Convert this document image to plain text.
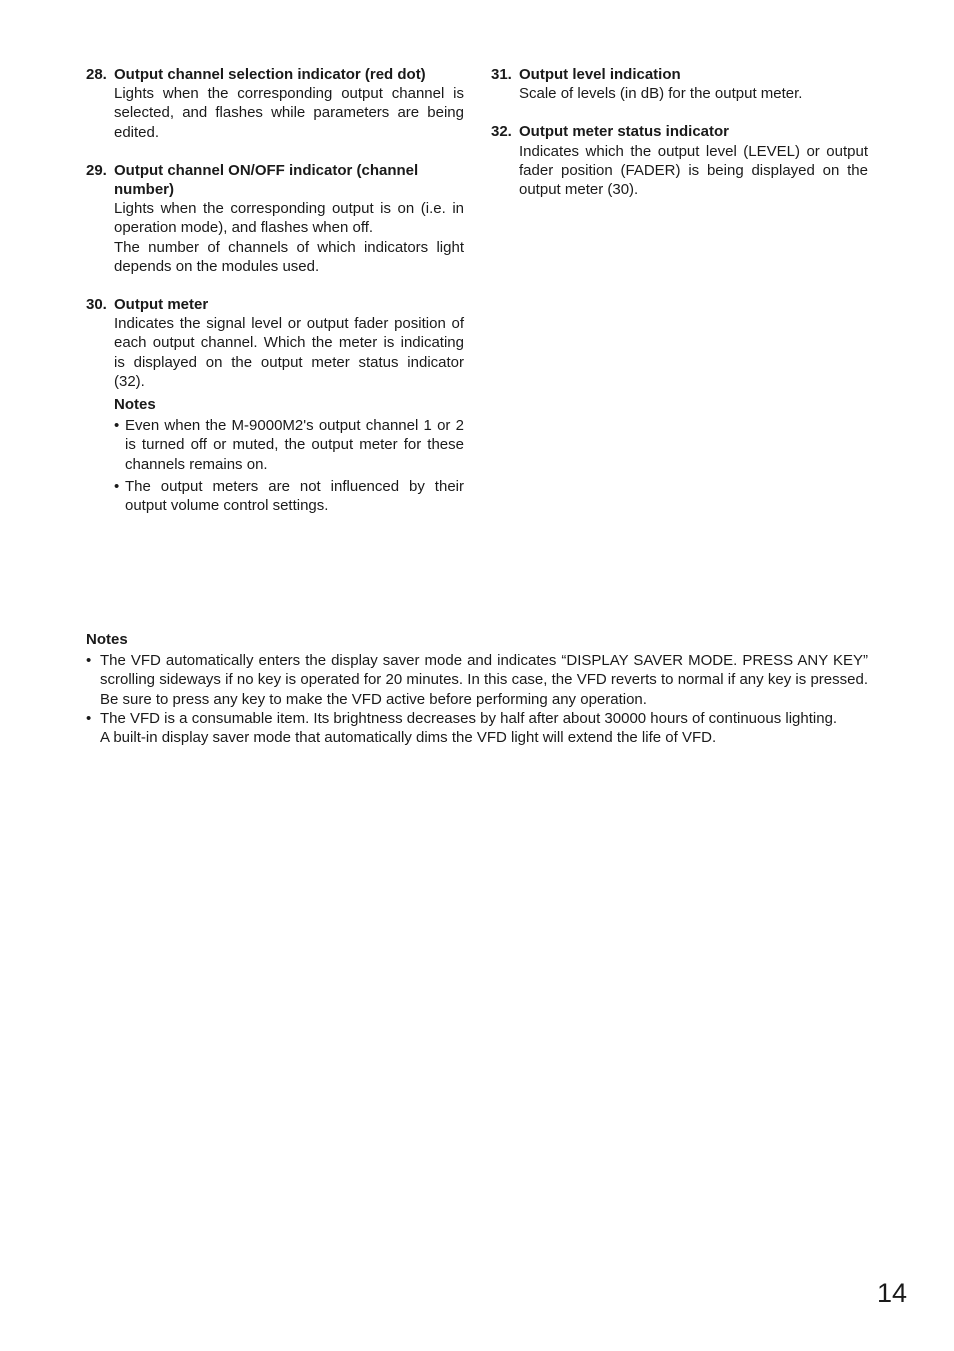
28. Output channel selection indicator (red dot)

Lights when the corresponding output channel is selected, and flashes while parameters are being edited.

29. Output channel ON/OFF indicator (channel number)

Lights when the corresponding output is on (i.e. in operation mode), and flashes when off.

The number of channels of which indicators light depends on the modules used.

30. Output meter

Indicates the signal level or output fader position of each output channel. Which the meter is indicating is displayed on the output meter status indicator (32).

Notes
• Even when the M-9000M2's output channel 1 or 2 is turned off or muted, the output meter for these channels remains on.
• The output meters are not influenced by their output volume control settings.
31. Output level indication

Scale of levels (in dB) for the output meter.

32. Output meter status indicator

Indicates which the output level (LEVEL) or output fader position (FADER) is being displayed on the output meter (30).

Notes
• The VFD automatically enters the display saver mode and indicates “DISPLAY SAVER MODE. PRESS ANY KEY” scrolling sideways if no key is operated for 20 minutes. In this case, the VFD reverts to normal if any key is pressed. Be sure to press any key to make the VFD active before performing any operation.

• The VFD is a consumable item. Its brightness decreases by half after about 30000 hours of continuous lighting.

A built-in display saver mode that automatically dims the VFD light will extend the life of VFD.

14
